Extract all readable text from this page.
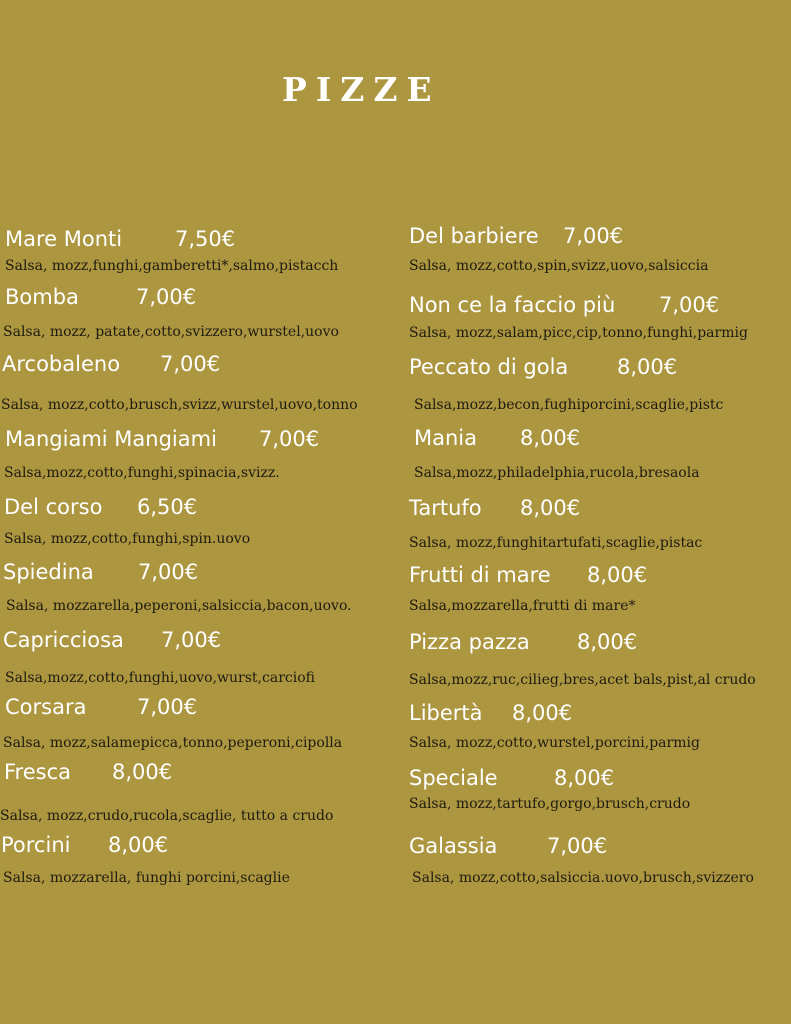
PIZZE
Mare Monti	7,50€
Salsa, mozz,funghi,gamberetti*,salmo,pistacch
Bomba	7,00€
Salsa, mozz, patate,cotto,svizzero,wurstel,uovo
Arcobaleno 7,00€
Salsa, mozz,cotto,brusch,svizz,wurstel,uovo,tonno
Mangiami Mangiami 7,00€
Salsa,mozz,cotto,funghi,spinacia,svizz.
Del corso 6,50€
Salsa, mozz,cotto,funghi,spin.uovo
Spiedina 7,00€
Salsa, mozzarella,peperoni,salsiccia,bacon,uovo.
Capricciosa 7,00€
Salsa,mozz,cotto,funghi,uovo,wurst,carciofi
Corsara 7,00€
Salsa, mozz,salamepicca,tonno,peperoni,cipolla
Fresca 8,00€
Salsa, mozz,crudo,rucola,scaglie, tutto a crudo
Porcini 8,00€
Salsa, mozzarella, funghi porcini,scaglie
Del barbiere 7,00€
Salsa, mozz,cotto,spin,svizz,uovo,salsiccia
Non ce la faccio più 7,00€
Salsa, mozz,salam,picc,cip,tonno,funghi,parmig
Peccato di gola 8,00€
Salsa,mozz,becon,fughiporcini,scaglie,pistc
Mania 8,00€
Salsa,mozz,philadelphia,rucola,bresaola
Tartufo 8,00€
Salsa, mozz,funghitartufati,scaglie,pistac
Frutti di mare 8,00€
Salsa,mozzarella,frutti di mare*
Pizza pazza 8,00€
Salsa,mozz,ruc,cilieg,bres,acet bals,pist,al crudo
Libertà 8,00€
Salsa, mozz,cotto,wurstel,porcini,parmig
Speciale	8,00€
Salsa, mozz,tartufo,gorgo,brusch,crudo
Galassia 7,00€
Salsa, mozz,cotto,salsiccia.uovo,brusch,svizzero
